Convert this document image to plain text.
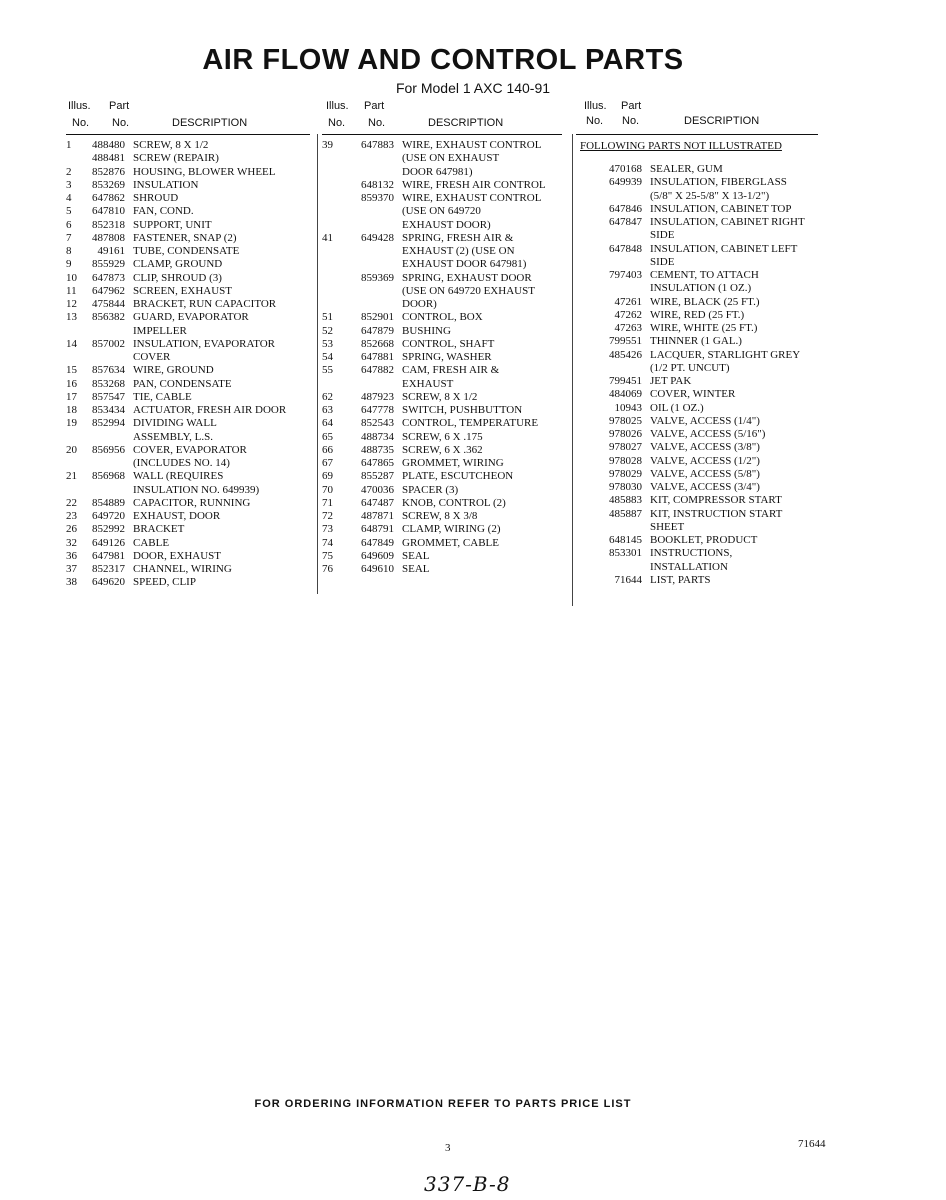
AIR FLOW AND CONTROL PARTS
For Model 1 AXC 140-91
Illus. Part
No. No.	DESCRIPTION
1	488480 SCREW, 8 X 1/2
488481 SCREW (REPAIR)
2	852876 HOUSING, BLOWER WHEEL
3	853269 INSULATION
4	647862 SHROUD
5	647810 FAN, COND.
6	852318 SUPPORT, UNIT
7	487808 FASTENER, SNAP (2)
8	49161 TUBE, CONDENSATE
9	855929 CLAMP, GROUND
10	647873 CLIP, SHROUD (3)
11	647962 SCREEN, EXHAUST
12	475844 BRACKET, RUN CAPACITOR
13	856382 GUARD, EVAPORATOR
IMPELLER
14	857002 INSULATION, EVAPORATOR
COVER
15	857634 WIRE, GROUND
16	853268 PAN, CONDENSATE
17	857547 TIE, CABLE
18	853434 ACTUATOR, FRESH AIR DOOR
19	852994 DIVIDING WALL
ASSEMBLY, L.S.
20	856956 COVER, EVAPORATOR
(INCLUDES NO. 14)
21	856968 WALL (REQUIRES
INSULATION NO. 649939)
22	854889 CAPACITOR, RUNNING
23	649720 EXHAUST, DOOR
26	852992 BRACKET
32	649126 CABLE
36	647981 DOOR, EXHAUST
37	852317 CHANNEL, WIRING
38	649620 SPEED, CLIP
Illus. Part
No. No.	DESCRIPTION
39	647883 WIRE, EXHAUST CONTROL
(USE ON EXHAUST
DOOR 647981)
648132 WIRE, FRESH AIR CONTROL
859370 WIRE, EXHAUST CONTROL
(USE ON 649720
EXHAUST DOOR)
41	649428 SPRING, FRESH AIR &
EXHAUST (2) (USE ON
EXHAUST DOOR 647981)
859369 SPRING, EXHAUST DOOR
(USE ON 649720 EXHAUST
DOOR)
51	852901 CONTROL, BOX
52	647879 BUSHING
53	852668 CONTROL, SHAFT
54	647881 SPRING, WASHER
55	647882 CAM, FRESH AIR &
EXHAUST
62	487923 SCREW, 8 X 1/2
63	647778 SWITCH, PUSHBUTTON
64	852543 CONTROL, TEMPERATURE
65	488734 SCREW, 6 X .175
66	488735 SCREW, 6 X .362
67	647865 GROMMET, WIRING
69	855287 PLATE, ESCUTCHEON
70	470036 SPACER (3)
71	647487 KNOB, CONTROL (2)
72	487871 SCREW, 8 X 3/8
73	648791 CLAMP, WIRING (2)
74	647849 GROMMET, CABLE
75	649609 SEAL
76	649610 SEAL
Illus. Part
No. No.	DESCRIPTION
FOLLOWING PARTS NOT ILLUSTRATED
470168 SEALER, GUM
649939 INSULATION, FIBERGLASS
(5/8" X 25-5/8" X 13-1/2")
647846 INSULATION, CABINET TOP
647847 INSULATION, CABINET RIGHT
SIDE
647848 INSULATION, CABINET LEFT
SIDE
797403 CEMENT, TO ATTACH
INSULATION (1 OZ.)
47261 WIRE, BLACK (25 FT.)
47262 WIRE, RED (25 FT.)
47263 WIRE, WHITE (25 FT.)
799551 THINNER (1 GAL.)
485426 LACQUER, STARLIGHT GREY
(1/2 PT. UNCUT)
799451 JET PAK
484069 COVER, WINTER
10943 OIL (1 OZ.)
978025 VALVE, ACCESS (1/4")
978026 VALVE, ACCESS (5/16")
978027 VALVE, ACCESS (3/8")
978028 VALVE, ACCESS (1/2")
978029 VALVE, ACCESS (5/8")
978030 VALVE, ACCESS (3/4")
485883 KIT, COMPRESSOR START
485887 KIT, INSTRUCTION START
SHEET
648145 BOOKLET, PRODUCT
853301 INSTRUCTIONS,
INSTALLATION
71644 LIST, PARTS
FOR ORDERING INFORMATION REFER TO PARTS PRICE LIST
3	71644
337-B-8
